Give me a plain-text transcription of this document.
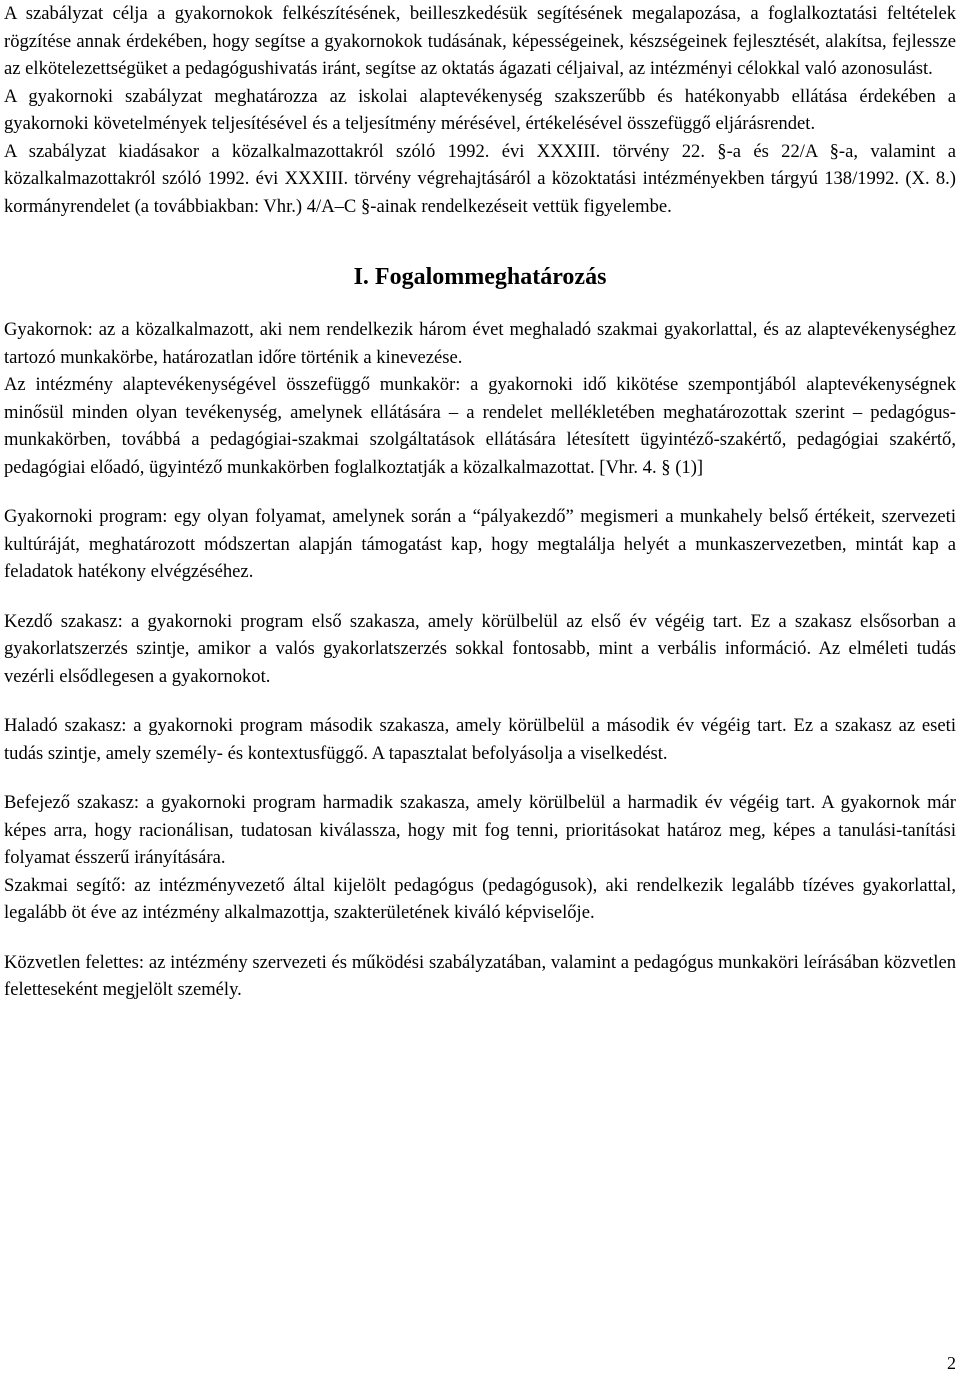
A szabályzat célja a gyakornokok felkészítésének, beilleszkedésük segítésének megalapozása, a foglalkoztatási feltételek rögzítése annak érdekében, hogy segítse a gyakornokok tudásának, képességeinek, készségeinek fejlesztését, alakítsa, fejlessze az elkötelezettségüket a pedagógushivatás iránt, segítse az oktatás ágazati céljaival, az intézményi célokkal való azonosulást.

A gyakornoki szabályzat meghatározza az iskolai alaptevékenység szakszerűbb és hatékonyabb ellátása érdekében a gyakornoki követelmények teljesítésével és a teljesítmény mérésével, értékelésével összefüggő eljárásrendet.

A szabályzat kiadásakor a közalkalmazottakról szóló 1992. évi XXXIII. törvény 22. §-a és 22/A §-a, valamint a közalkalmazottakról szóló 1992. évi XXXIII. törvény végrehajtásáról a közoktatási intézményekben tárgyú 138/1992. (X. 8.) kormányrendelet (a továbbiakban: Vhr.) 4/A–C §-ainak rendelkezéseit vettük figyelembe.

I. Fogalommeghatározás

Gyakornok: az a közalkalmazott, aki nem rendelkezik három évet meghaladó szakmai gyakorlattal, és az alaptevékenységhez tartozó munkakörbe, határozatlan időre történik a kinevezése.

Az intézmény alaptevékenységével összefüggő munkakör: a gyakornoki idő kikötése szempontjából alaptevékenységnek minősül minden olyan tevékenység, amelynek ellátására – a rendelet mellékletében meghatározottak szerint – pedagógus-munkakörben, továbbá a pedagógiai-szakmai szolgáltatások ellátására létesített ügyintéző-szakértő, pedagógiai szakértő, pedagógiai előadó, ügyintéző munkakörben foglalkoztatják a közalkalmazottat. [Vhr. 4. § (1)]

Gyakornoki program: egy olyan folyamat, amelynek során a “pályakezdő” megismeri a munkahely belső értékeit, szervezeti kultúráját, meghatározott módszertan alapján támogatást kap, hogy megtalálja helyét a munkaszervezetben, mintát kap a feladatok hatékony elvégzéséhez.

Kezdő szakasz: a gyakornoki program első szakasza, amely körülbelül az első év végéig tart. Ez a szakasz elsősorban a gyakorlatszerzés szintje, amikor a valós gyakorlatszerzés sokkal fontosabb, mint a verbális információ. Az elméleti tudás vezérli elsődlegesen a gyakornokot.

Haladó szakasz: a gyakornoki program második szakasza, amely körülbelül a második év végéig tart. Ez a szakasz az eseti tudás szintje, amely személy- és kontextusfüggő. A tapasztalat befolyásolja a viselkedést.

Befejező szakasz: a gyakornoki program harmadik szakasza, amely körülbelül a harmadik év végéig tart. A gyakornok már képes arra, hogy racionálisan, tudatosan kiválassza, hogy mit fog tenni, prioritásokat határoz meg, képes a tanulási-tanítási folyamat ésszerű irányítására.

Szakmai segítő: az intézményvezető által kijelölt pedagógus (pedagógusok), aki rendelkezik legalább tízéves gyakorlattal, legalább öt éve az intézmény alkalmazottja, szakterületének kiváló képviselője.

Közvetlen felettes: az intézmény szervezeti és működési szabályzatában, valamint a pedagógus munkaköri leírásában közvetlen feletteseként megjelölt személy.

2
